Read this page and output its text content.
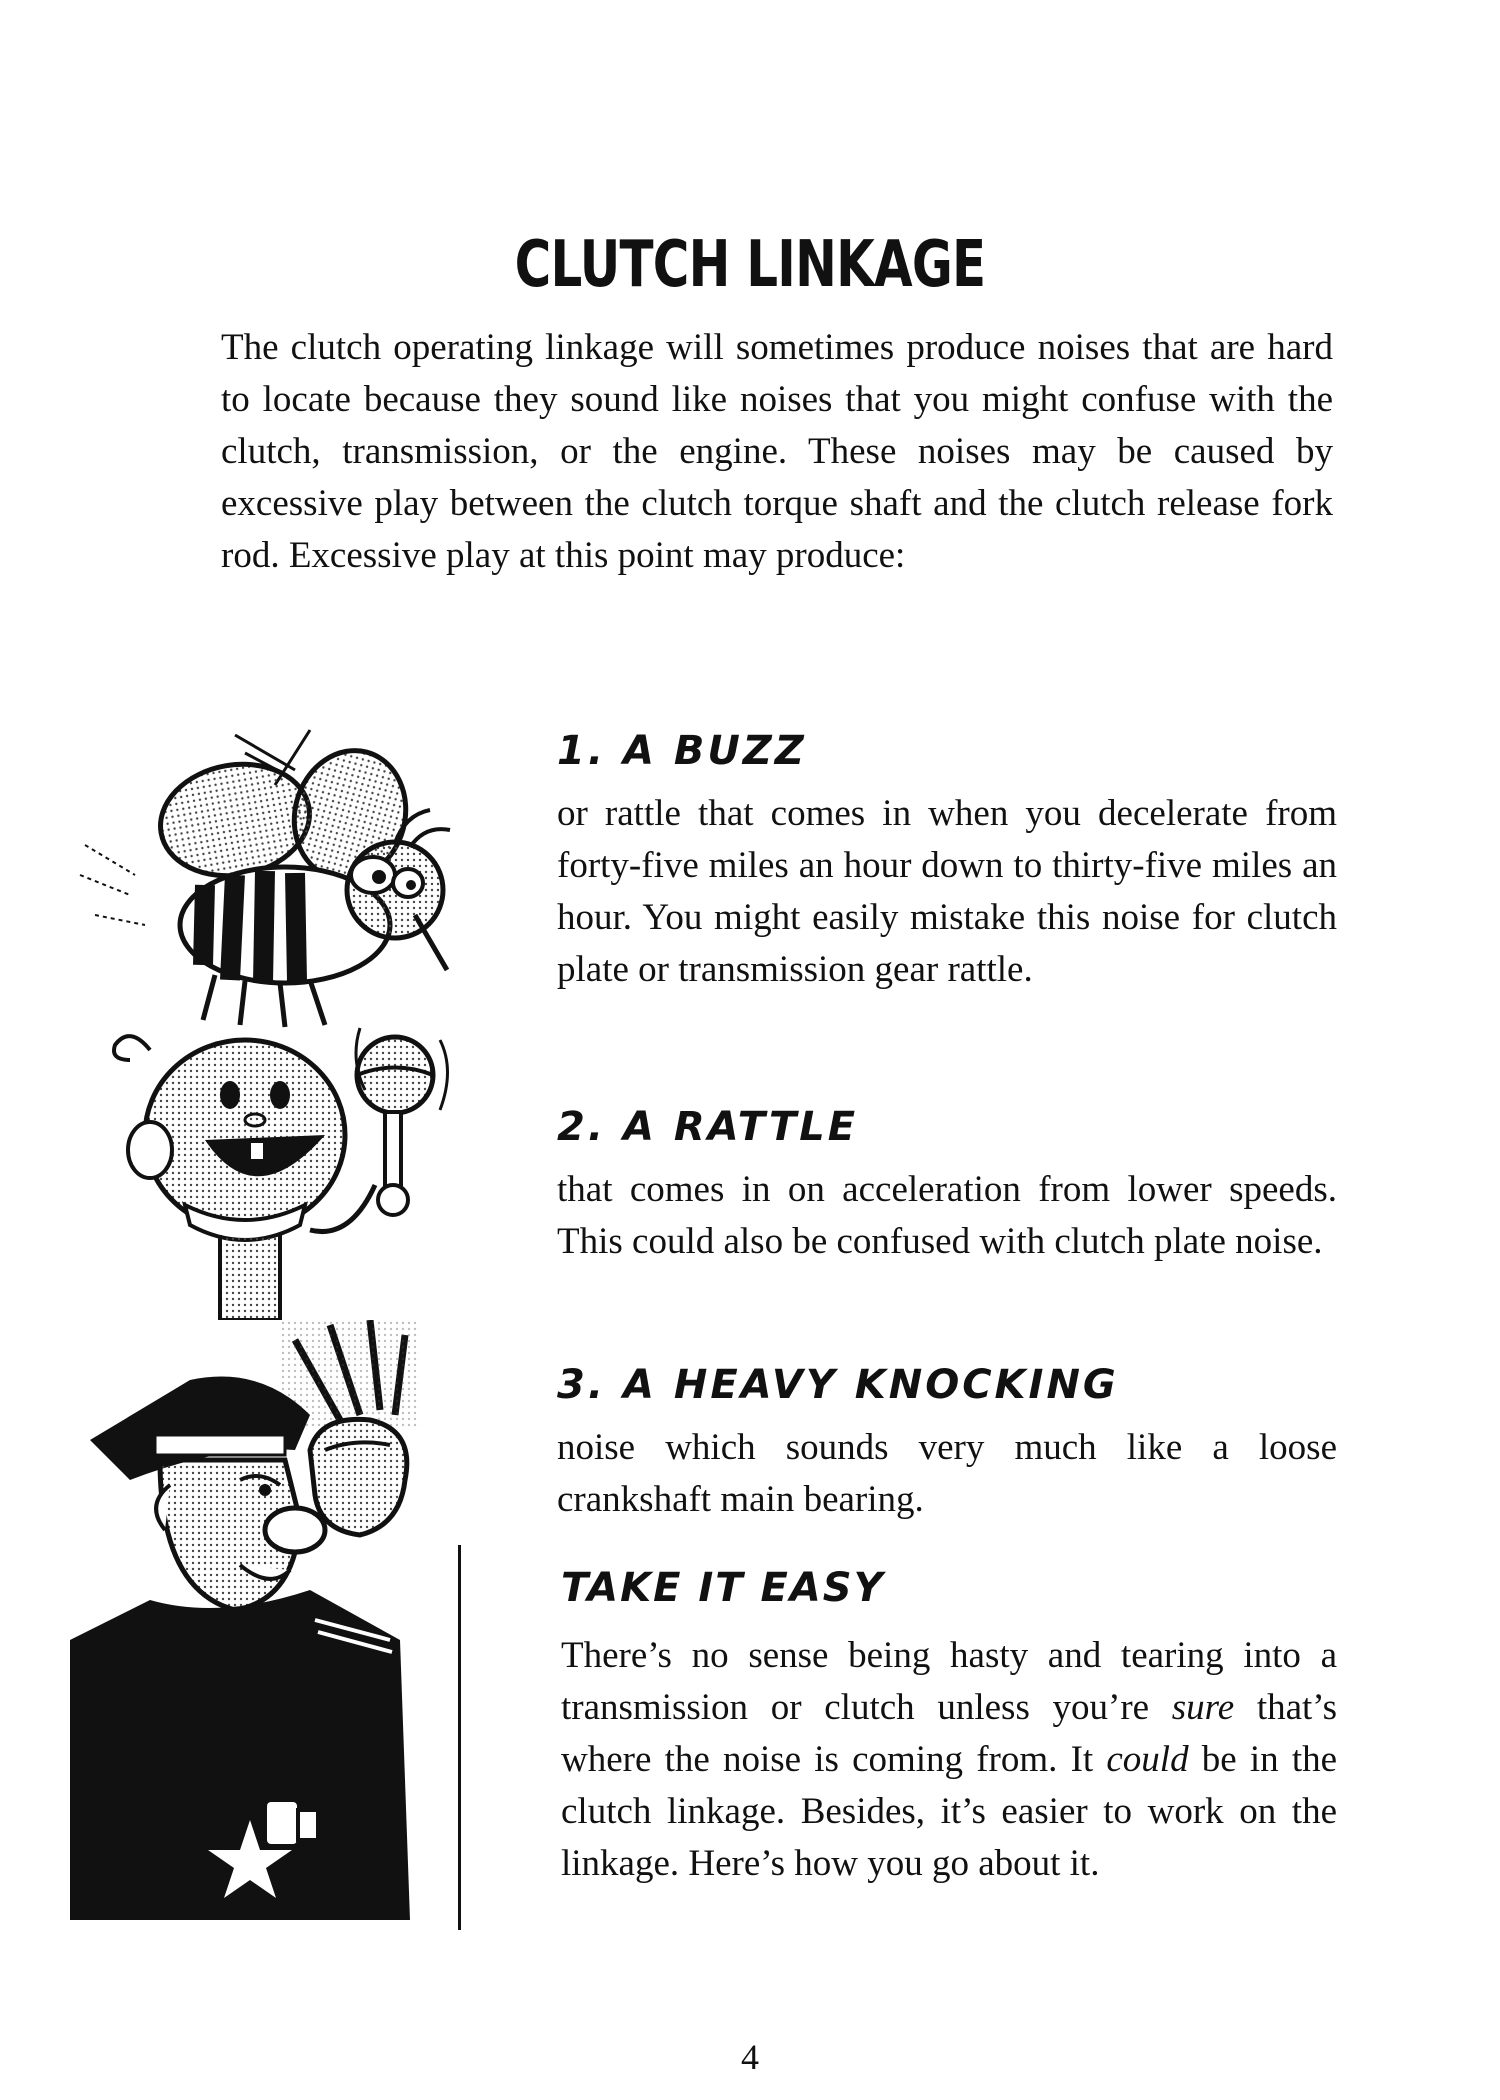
CLUTCH LINKAGE

The clutch operating linkage will sometimes produce noises that are hard to locate because they sound like noises that you might confuse with the clutch, transmission, or the engine. These noises may be caused by excessive play between the clutch torque shaft and the clutch release fork rod. Excessive play at this point may produce:

1. A BUZZ

or rattle that comes in when you decelerate from forty-five miles an hour down to thirty-five miles an hour. You might easily mistake this noise for clutch plate or transmission gear rattle.

2. A RATTLE

that comes in on acceleration from lower speeds. This could also be confused with clutch plate noise.

3. A HEAVY KNOCKING

noise which sounds very much like a loose crankshaft main bearing.

TAKE IT EASY

There’s no sense being hasty and tearing into a transmission or clutch unless you’re sure that’s where the noise is coming from. It could be in the clutch linkage. Besides, it’s easier to work on the linkage. Here’s how you go about it.

4
